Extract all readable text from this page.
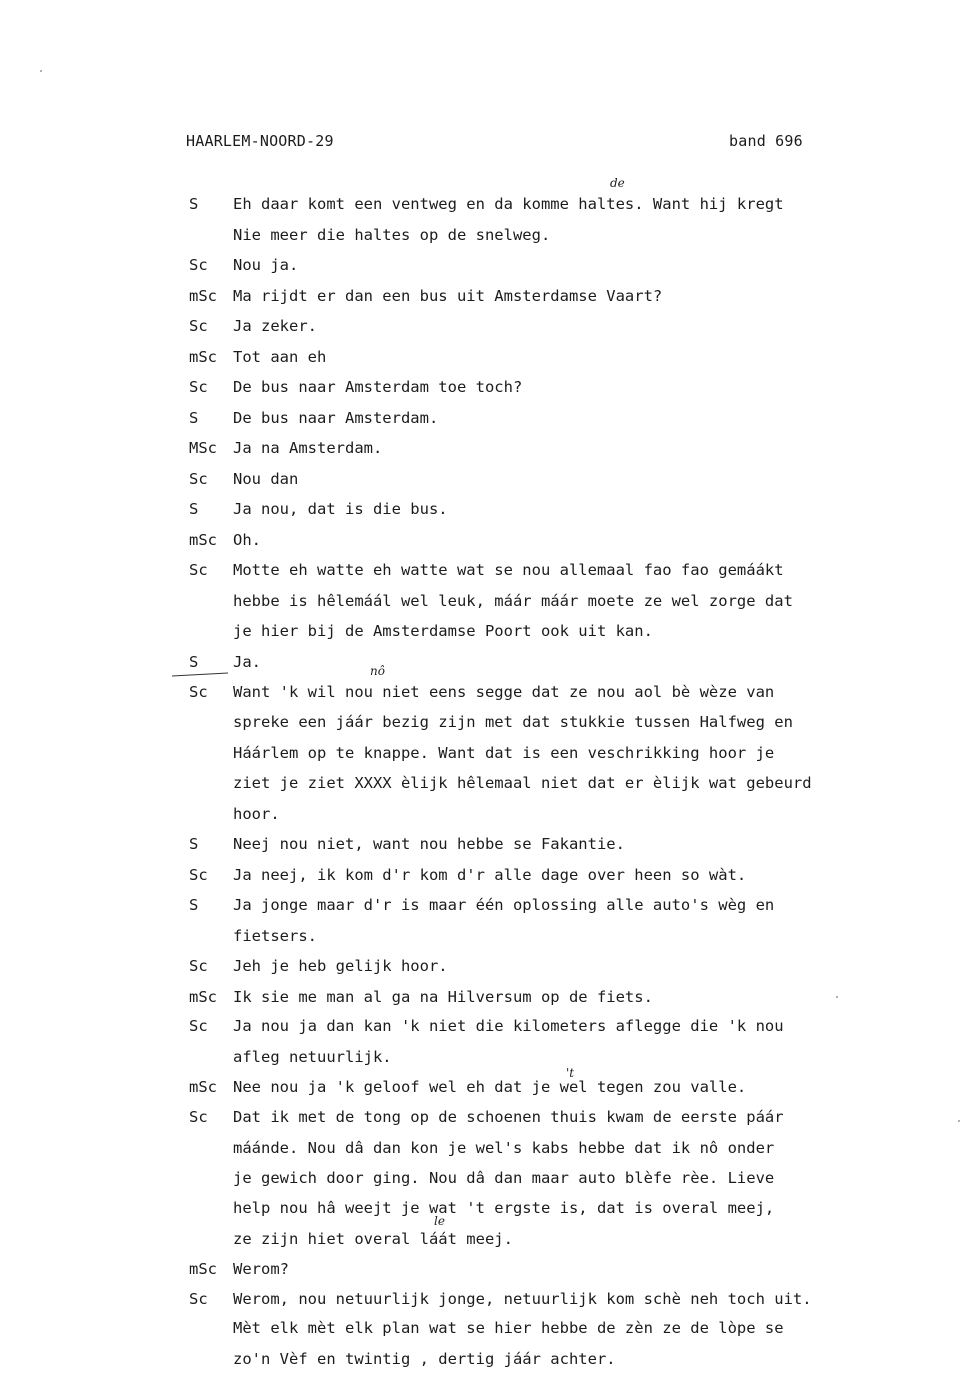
HAARLEM-NOORD-29	band 696
S Eh daar komt een ventweg en da komme haltes. Want hij kregt
Nie meer die haltes op de snelweg.
Sc Nou ja.
mSc Ma rijdt er dan een bus uit Amsterdamse Vaart?
Sc Ja zeker.
mSc Tot aan eh
Sc De bus naar Amsterdam toe toch?
S De bus naar Amsterdam.
MSc Ja na Amsterdam.
Sc Nou dan
S Ja nou, dat is die bus.
mSc Oh.
Sc Motte eh watte eh watte wat se nou allemaal fao fao gemáákt
hebbe is hêlemáál wel leuk, máár máár moete ze wel zorge dat
je hier bij de Amsterdamse Poort ook uit kan.
S Ja.
Sc Want 'k wil nou niet eens segge dat ze nou aol bè wèze van
spreke een jáár bezig zijn met dat stukkie tussen Halfweg en
Háárlem op te knappe. Want dat is een veschrikking hoor je
ziet je ziet XXXX èlijk hêlemaal niet dat er èlijk wat gebeurd
hoor.
S Neej nou niet, want nou hebbe se Fakantie.
Sc Ja neej, ik kom d'r kom d'r alle dage over heen so wàt.
S Ja jonge maar d'r is maar één oplossing alle auto's wèg en
fietsers.
Sc Jeh je heb gelijk hoor.
mSc Ik sie me man al ga na Hilversum op de fiets.
Sc Ja nou ja dan kan 'k niet die kilometers aflegge die 'k nou
afleg netuurlijk.
mSc Nee nou ja 'k geloof wel eh dat je wel tegen zou valle.
Sc Dat ik met de tong op de schoenen thuis kwam de eerste páár
máánde. Nou dâ dan kon je wel's kabs hebbe dat ik nô onder
je gewich door ging. Nou dâ dan maar auto blèfe rèe. Lieve
help nou hâ weejt je wat 't ergste is, dat is overal meej,
ze zijn hiet overal láát meej.
mSc Werom?
Sc Werom, nou netuurlijk jonge, netuurlijk kom schè neh toch uit.
Mèt elk mèt elk plan wat se hier hebbe de zèn ze de lòpe se
zo'n Vèf en twintig , dertig jáár achter.
de
nô
't
le
